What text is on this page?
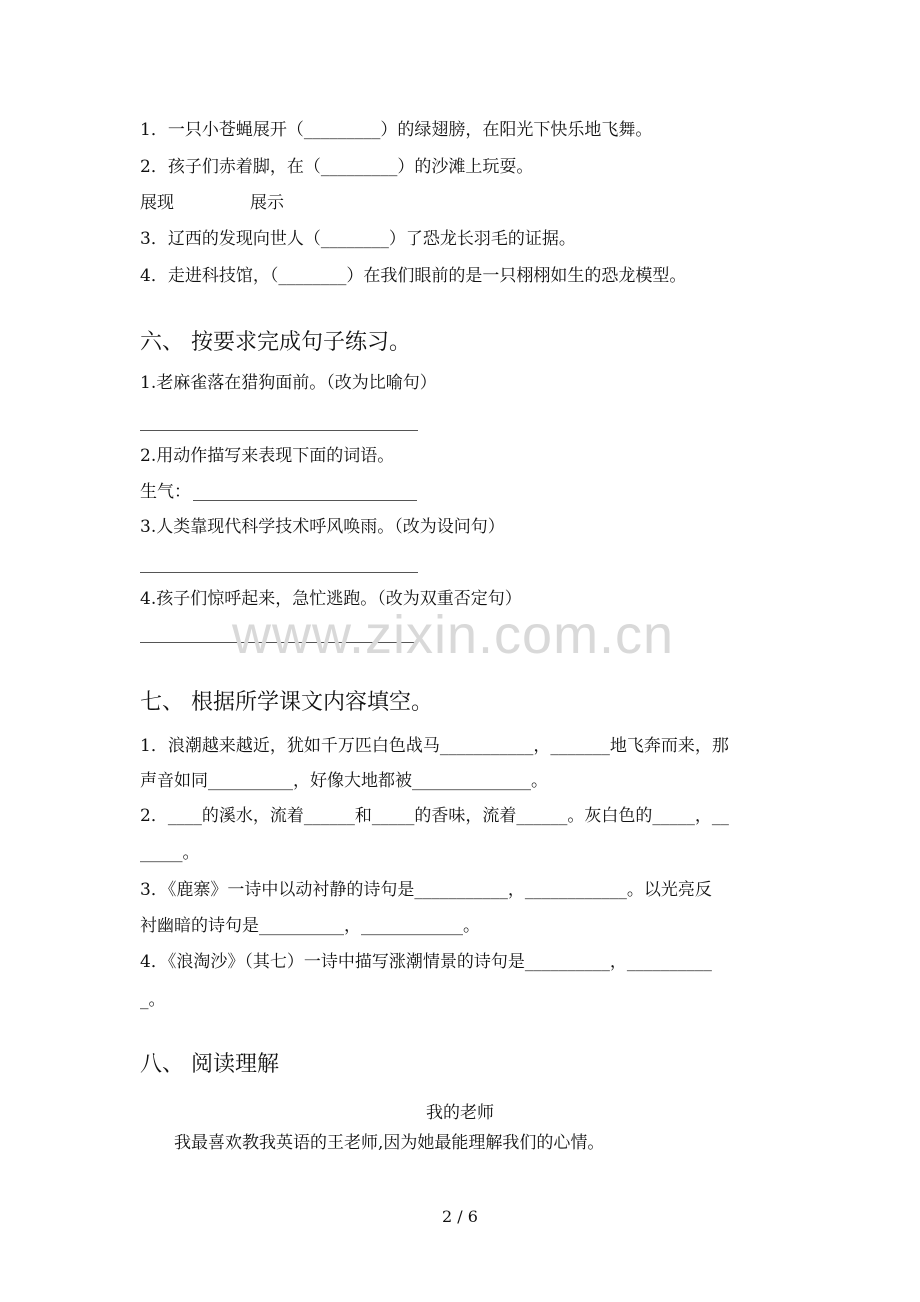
1．一只小苍蝇展开（_________）的绿翅膀，在阳光下快乐地飞舞。
2．孩子们赤着脚，在（_________）的沙滩上玩耍。
展现	展示
3．辽西的发现向世人（________）了恐龙长羽毛的证据。
4．走进科技馆，（________）在我们眼前的是一只栩栩如生的恐龙模型。
六、 按要求完成句子练习。
1.老麻雀落在猎狗面前。（改为比喻句）
2.用动作描写来表现下面的词语。
生气：
3.人类靠现代科学技术呼风唤雨。（改为设问句）
4.孩子们惊呼起来，急忙逃跑。（改为双重否定句）
www.zixin.com.cn
七、 根据所学课文内容填空。
1．浪潮越来越近，犹如千万匹白色战马___________，_______地飞奔而来，那
声音如同__________，好像大地都被______________。
2．____的溪水，流着______和_____的香味，流着______。灰白色的_____，__
_____。
3．《鹿寨》一诗中以动衬静的诗句是___________，____________。以光亮反
衬幽暗的诗句是__________，____________。
4．《浪淘沙》（其七）一诗中描写涨潮情景的诗句是__________，__________
_。
八、 阅读理解
我的老师
我最喜欢教我英语的王老师,因为她最能理解我们的心情。
2 / 6
